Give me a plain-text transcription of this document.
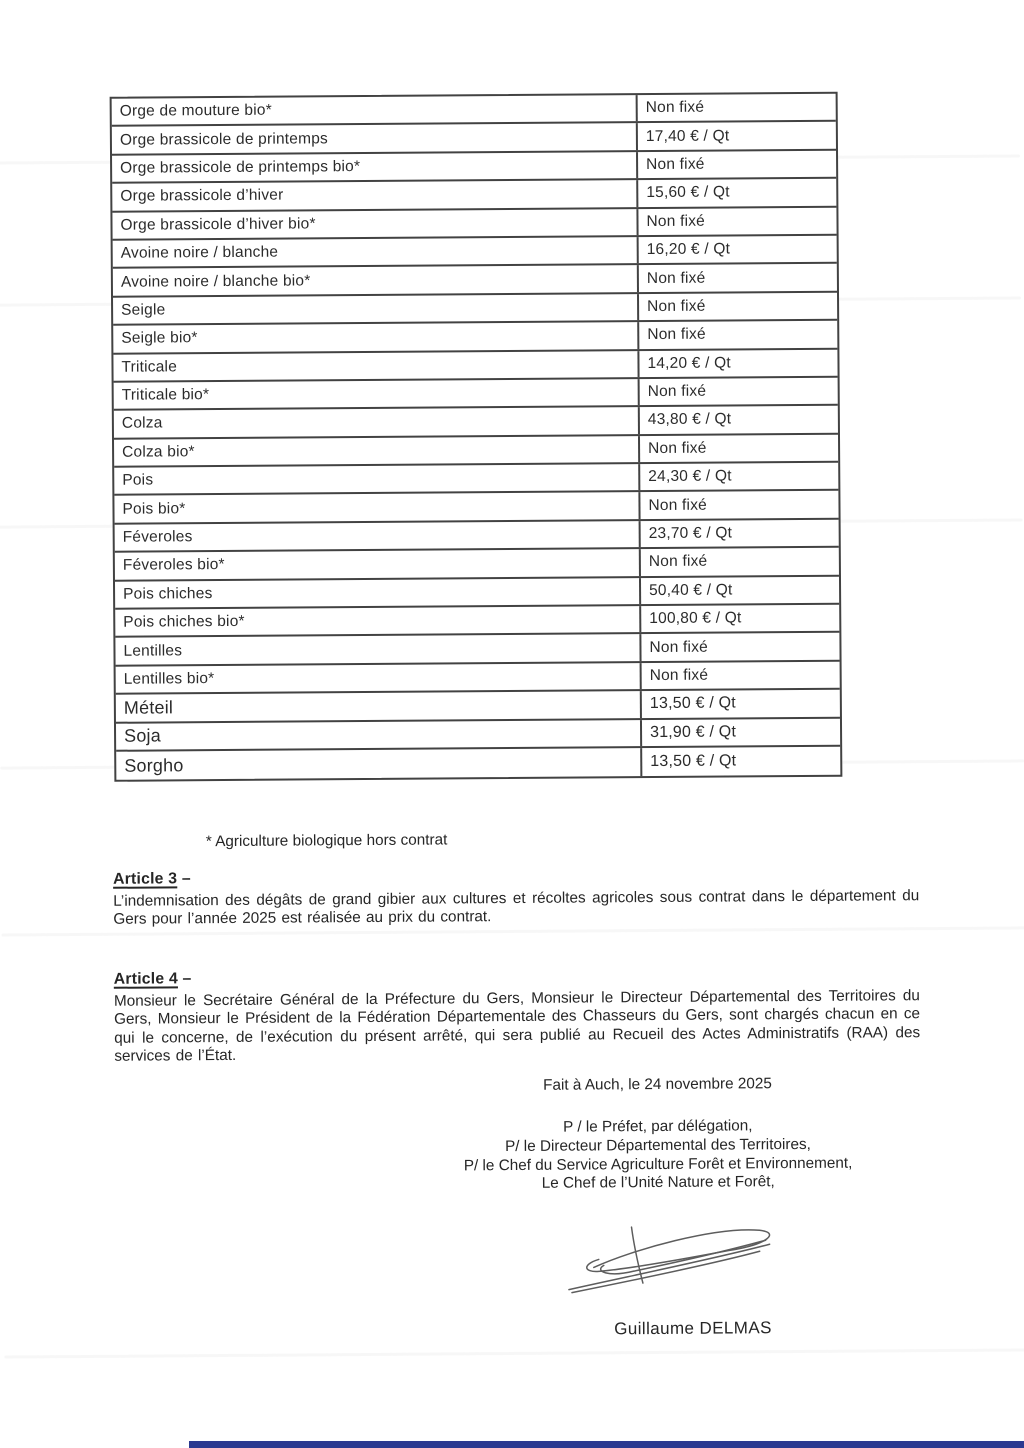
Orge de mouture bio*	Non fixé
Orge brassicole de printemps	17,40 € / Qt
Orge brassicole de printemps bio*	Non fixé
Orge brassicole d’hiver	15,60 € / Qt
Orge brassicole d’hiver bio*	Non fixé
Avoine noire / blanche	16,20 € / Qt
Avoine noire / blanche bio*	Non fixé
Seigle	Non fixé
Seigle bio*	Non fixé
Triticale	14,20 € / Qt
Triticale bio*	Non fixé
Colza	43,80 € / Qt
Colza bio*	Non fixé
Pois	24,30 € / Qt
Pois bio*	Non fixé
Féveroles	23,70 € / Qt
Féveroles bio*	Non fixé
Pois chiches	50,40 € / Qt
Pois chiches bio*	100,80 € / Qt
Lentilles	Non fixé
Lentilles bio*	Non fixé
Méteil	13,50 € / Qt
Soja	31,90 € / Qt
Sorgho	13,50 € / Qt
* Agriculture biologique hors contrat
Article 3 –

L’indemnisation des dégâts de grand gibier aux cultures et récoltes agricoles sous contrat dans le département du Gers pour l’année 2025 est réalisée au prix du contrat.

Article 4 –

Monsieur le Secrétaire Général de la Préfecture du Gers, Monsieur le Directeur Départemental des Territoires du Gers, Monsieur le Président de la Fédération Départementale des Chasseurs du Gers, sont chargés chacun en ce qui le concerne, de l’exécution du présent arrêté, qui sera publié au Recueil des Actes Administratifs (RAA) des services de l’État.

Fait à Auch, le 24 novembre 2025
P / le Préfet, par délégation,
P/ le Directeur Départemental des Territoires,
P/ le Chef du Service Agriculture Forêt et Environnement,
Le Chef de l’Unité Nature et Forêt,
Guillaume DELMAS
